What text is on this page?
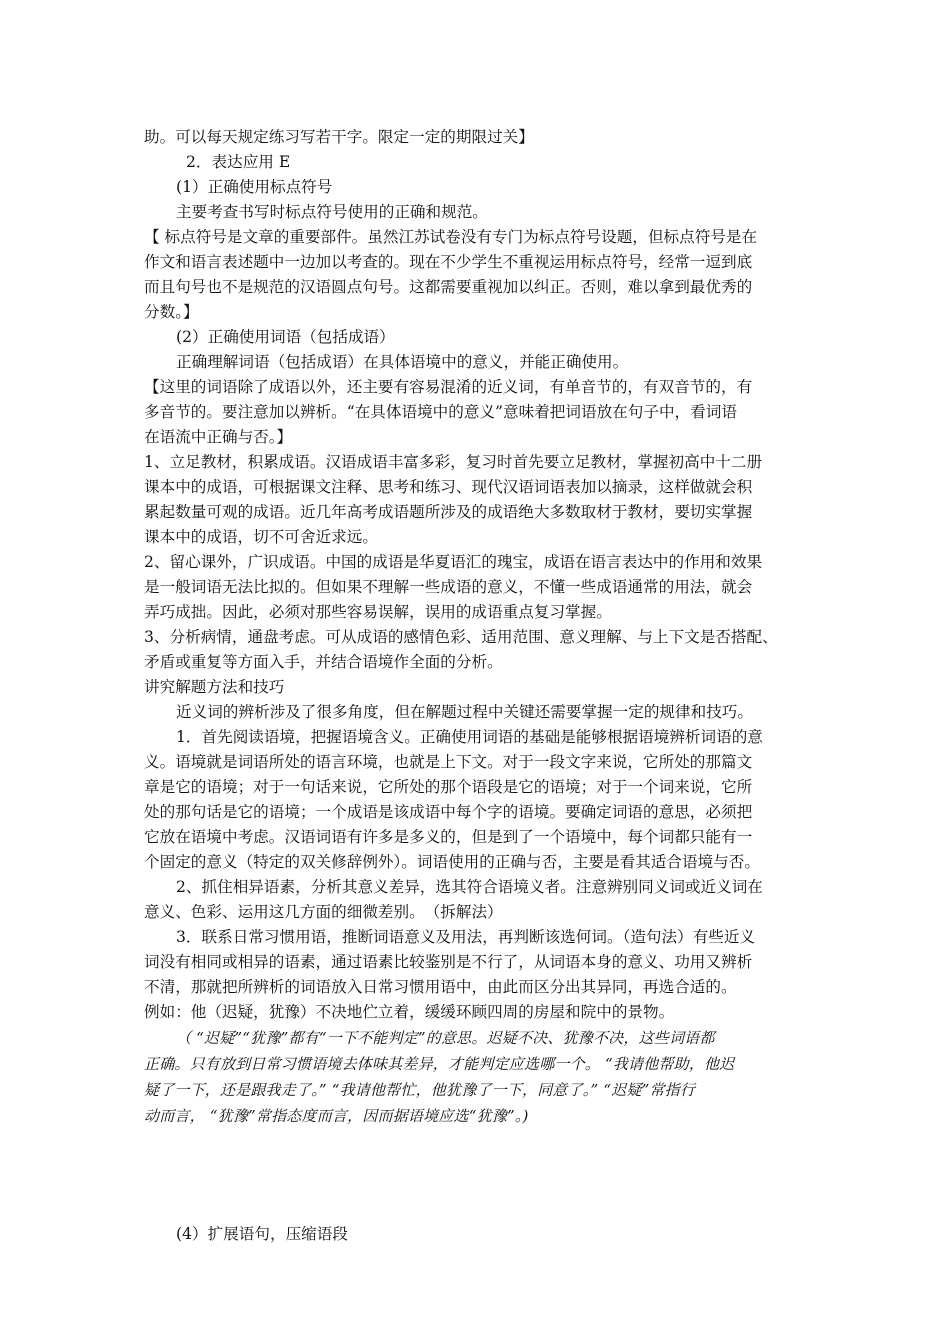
助。可以每天规定练习写若干字。限定一定的期限过关】
2．表达应用 E
(1）正确使用标点符号
主要考查书写时标点符号使用的正确和规范。
【 标点符号是文章的重要部件。虽然江苏试卷没有专门为标点符号设题，但标点符号是在
作文和语言表述题中一边加以考查的。现在不少学生不重视运用标点符号，经常一逗到底
而且句号也不是规范的汉语圆点句号。这都需要重视加以纠正。否则，难以拿到最优秀的
分数。】
(2）正确使用词语（包括成语）
正确理解词语（包括成语）在具体语境中的意义，并能正确使用。
【这里的词语除了成语以外，还主要有容易混淆的近义词，有单音节的，有双音节的，有
多音节的。要注意加以辨析。“在具体语境中的意义”意味着把词语放在句子中，看词语
在语流中正确与否。】
1、立足教材，积累成语。汉语成语丰富多彩，复习时首先要立足教材，掌握初高中十二册
课本中的成语，可根据课文注释、思考和练习、现代汉语词语表加以摘录，这样做就会积
累起数量可观的成语。近几年高考成语题所涉及的成语绝大多数取材于教材，要切实掌握
课本中的成语，切不可舍近求远。
2、留心课外，广识成语。中国的成语是华夏语汇的瑰宝，成语在语言表达中的作用和效果
是一般词语无法比拟的。但如果不理解一些成语的意义，不懂一些成语通常的用法，就会
弄巧成拙。因此，必须对那些容易误解，误用的成语重点复习掌握。
3、分析病情，通盘考虑。可从成语的感情色彩、适用范围、意义理解、与上下文是否搭配、
矛盾或重复等方面入手，并结合语境作全面的分析。
讲究解题方法和技巧
近义词的辨析涉及了很多角度，但在解题过程中关键还需要掌握一定的规律和技巧。
1．首先阅读语境，把握语境含义。正确使用词语的基础是能够根据语境辨析词语的意
义。语境就是词语所处的语言环境，也就是上下文。对于一段文字来说，它所处的那篇文
章是它的语境；对于一句话来说，它所处的那个语段是它的语境；对于一个词来说，它所
处的那句话是它的语境；一个成语是该成语中每个字的语境。要确定词语的意思，必须把
它放在语境中考虑。汉语词语有许多是多义的，但是到了一个语境中，每个词都只能有一
个固定的意义（特定的双关修辞例外）。词语使用的正确与否，主要是看其适合语境与否。
2、抓住相异语素，分析其意义差异，选其符合语境义者。注意辨别同义词或近义词在
意义、色彩、运用这几方面的细微差别。　（拆解法）
3．联系日常习惯用语，推断词语意义及用法，再判断该选何词。（造句法）有些近义
词没有相同或相异的语素，通过语素比较鉴别是不行了，从词语本身的意义、功用又辨析
不清，那就把所辨析的词语放入日常习惯用语中，由此而区分出其异同，再选合适的。
例如：他（迟疑，犹豫）不决地伫立着，缓缓环顾四周的房屋和院中的景物。
（ “迟疑”“犹豫”都有“一下不能判定”的意思。迟疑不决、犹豫不决，这些词语都
正确。只有放到日常习惯语境去体味其差异，才能判定应选哪一个。 “我请他帮助，他迟
疑了一下，还是跟我走了。” “我请他帮忙，他犹豫了一下，同意了。” “迟疑”常指行
动而言， “犹豫”常指态度而言，因而据语境应选“犹豫”。)
(4）扩展语句，压缩语段
